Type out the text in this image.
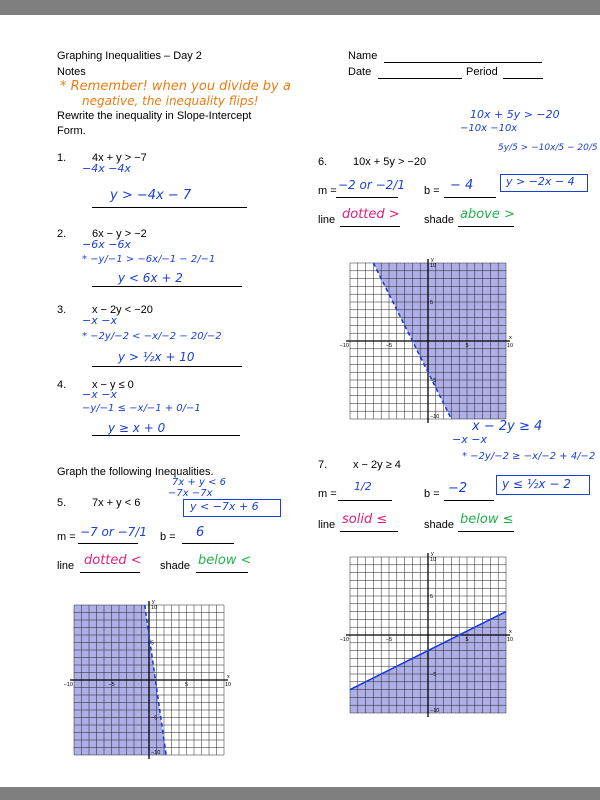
Graphing Inequalities – Day 2
Notes
Name
Date	Period
* Remember! when you divide by a
negative, the inequality flips!
Rewrite the inequality in Slope-Intercept
Form.
1. 4x + y > −7
−4x −4x
y > −4x − 7
2. 6x − y > −2
−6x −6x
* −y/−1 > −6x/−1 − 2/−1
y < 6x + 2
3. x − 2y < −20
−x −x
* −2y/−2 < −x/−2 − 20/−2
y > ½x + 10
4. x − y ≤ 0
−x −x
−y/−1 ≤ −x/−1 + 0/−1
y ≥ x + 0
Graph the following Inequalities.
5. 7x + y < 6
7x + y < 6
−7x −7x
y < −7x + 6
m = −7 or −7/1 b = 6
line dotted < shade below <
6. 10x + 5y > −20
10x + 5y > −20
−10x −10x
5y/5 > −10x/5 − 20/5
y > −2x − 4
m = −2 or −2/1 b = − 4
line dotted > shade above >
7. x − 2y ≥ 4
x − 2y ≥ 4
−x −x
* −2y/−2 ≥ −x/−2 + 4/−2
y ≤ ½x − 2
m =
1/2
b = −2
line solid ≤	shade below ≤
y
x
−10	10
−5	5
10
5
−5
−10
y
x
−10	10
−5	5
10
5
−5
−10
y
x
−10	10
−5	5
10
5
−5
−10
